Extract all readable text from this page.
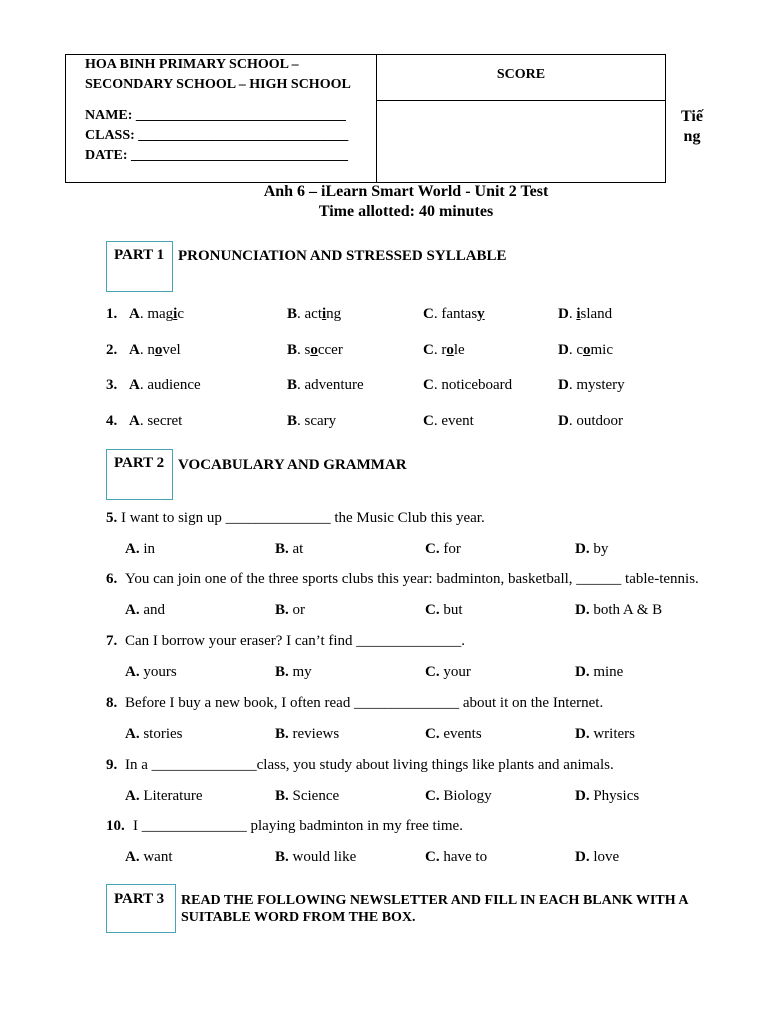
HOA BINH PRIMARY SCHOOL –
SECONDARY SCHOOL – HIGH SCHOOL
NAME: ______________________________
CLASS: ______________________________
DATE: _______________________________
SCORE
Tiế
ng
Anh 6 – iLearn Smart World - Unit 2 Test
Time allotted: 40 minutes
PART 1 PRONUNCIATION AND STRESSED SYLLABLE
1. A. magic	B. acting	C. fantasy	D. island
2. A. novel	B. soccer	C. role	D. comic
3. A. audience	B. adventure	C. noticeboard	D. mystery
4. A. secret	B. scary	C. event	D. outdoor
PART 2 VOCABULARY AND GRAMMAR
5. I want to sign up ______________ the Music Club this year.
A. in	B. at	C. for	D. by
6. You can join one of the three sports clubs this year: badminton, basketball, ______ table-tennis.
A. and	B. or	C. but	D. both A & B
7. Can I borrow your eraser? I can’t find ______________.
A. yours	B. my	C. your	D. mine
8. Before I buy a new book, I often read ______________ about it on the Internet.
A. stories	B. reviews	C. events	D. writers
9. In a ______________class, you study about living things like plants and animals.
A. Literature	B. Science	C. Biology	D. Physics
10. I ______________ playing badminton in my free time.
A. want	B. would like	C. have to	D. love
PART 3	READ THE FOLLOWING NEWSLETTER AND FILL IN EACH BLANK WITH A
SUITABLE WORD FROM THE BOX.
